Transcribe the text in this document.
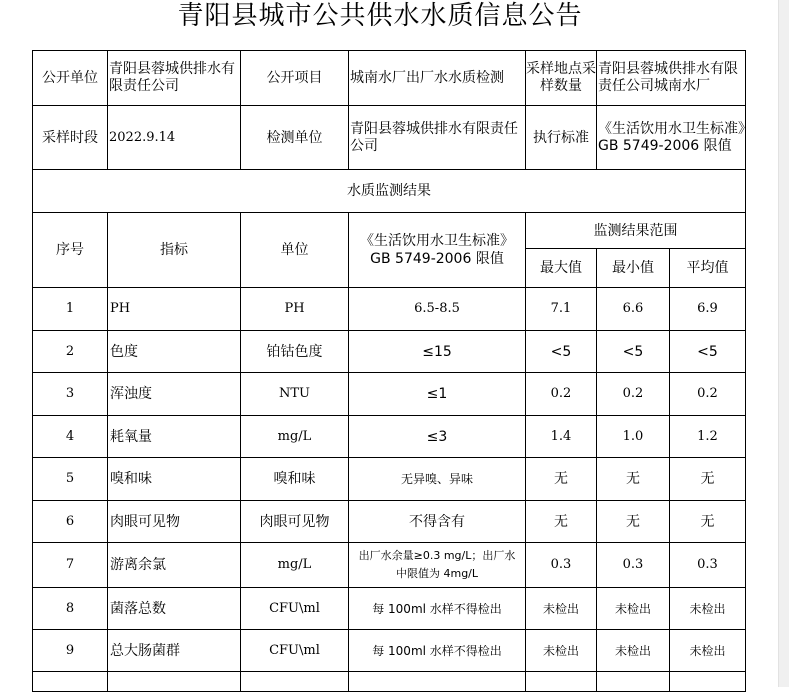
青阳县城市公共供水水质信息公告
公开单位	青阳县蓉城供排水有限责任公司	公开项目	城南水厂出厂水水质检测	采样地点采样数量	青阳县蓉城供排水有限责任公司城南水厂	
采样时段	2022.9.14	检测单位	青阳县蓉城供排水有限责任公司	执行标准	《生活饮用水卫生标准》GB 5749-2006 限值	
水质监测结果						
序号	指标	单位	《生活饮用水卫生标准》GB 5749-2006 限值	监测结果范围		
				最大值	最小值	平均值
1	PH	PH	6.5-8.5	7.1	6.6	6.9
2	色度	铂钴色度	≤15	<5	<5	<5
3	浑浊度	NTU	≤1	0.2	0.2	0.2
4	耗氧量	mg/L	≤3	1.4	1.0	1.2
5	嗅和味	嗅和味	无异嗅、异味	无	无	无
6	肉眼可见物	肉眼可见物	不得含有	无	无	无
7	游离余氯	mg/L	出厂水余量≥0.3 mg/L；出厂水中限值为 4mg/L	0.3	0.3	0.3
8	菌落总数	CFU\ml	每 100ml 水样不得检出	未检出	未检出	未检出
9	总大肠菌群	CFU\ml	每 100ml 水样不得检出	未检出	未检出	未检出
